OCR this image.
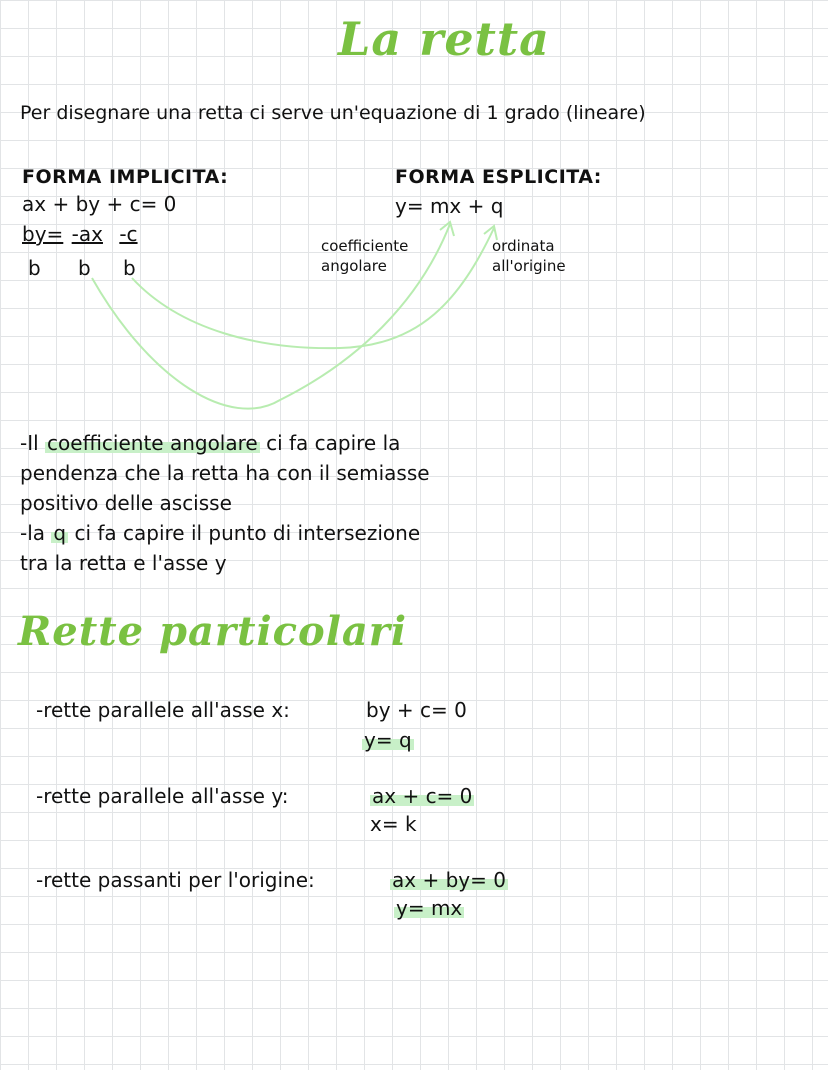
La retta
Per disegnare una retta ci serve un'equazione di 1 grado (lineare)
FORMA IMPLICITA:
ax + by + c= 0
by= -ax -c
b b b
FORMA ESPLICITA:
y= mx + q
coefficiente
angolare
ordinata
all'origine
-Il coefficiente angolare ci fa capire la
pendenza che la retta ha con il semiasse
positivo delle ascisse
-la q ci fa capire il punto di intersezione
tra la retta e l'asse y
Rette particolari
-rette parallele all'asse x:	by + c= 0
y= q
-rette parallele all'asse y:	ax + c= 0
x= k
-rette passanti per l'origine:	ax + by= 0
y= mx
